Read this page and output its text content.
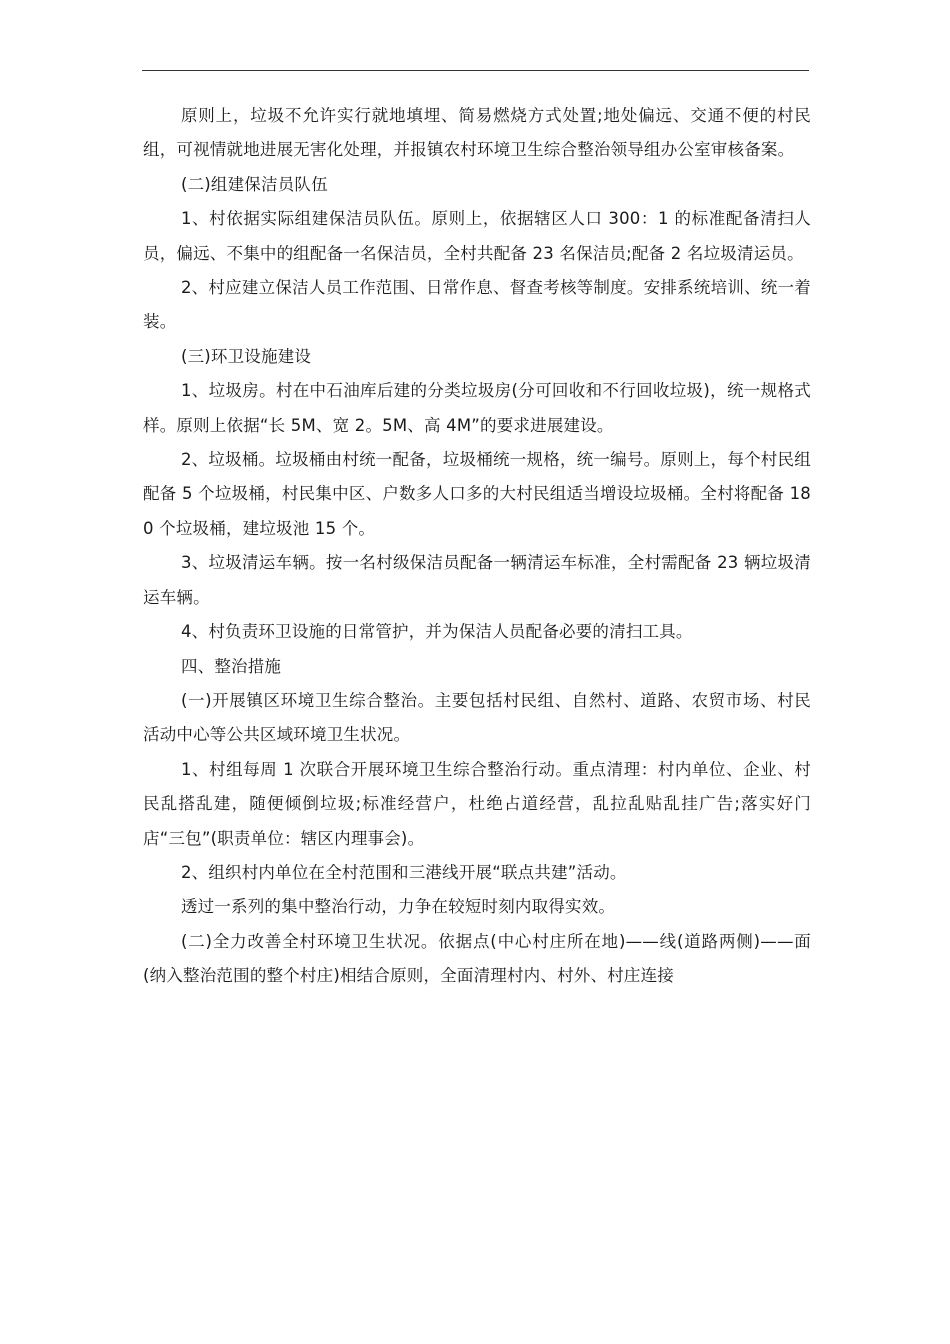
原则上，垃圾不允许实行就地填埋、简易燃烧方式处置;地处偏远、交通不便的村民组，可视情就地进展无害化处理，并报镇农村环境卫生综合整治领导组办公室审核备案。

(二)组建保洁员队伍

1、村依据实际组建保洁员队伍。原则上，依据辖区人口 300：1 的标准配备清扫人员，偏远、不集中的组配备一名保洁员，全村共配备 23 名保洁员;配备 2 名垃圾清运员。

2、村应建立保洁人员工作范围、日常作息、督查考核等制度。安排系统培训、统一着装。

(三)环卫设施建设

1、垃圾房。村在中石油库后建的分类垃圾房(分可回收和不行回收垃圾)，统一规格式样。原则上依据“长 5M、宽 2。5M、高 4M”的要求进展建设。

2、垃圾桶。垃圾桶由村统一配备，垃圾桶统一规格，统一编号。原则上，每个村民组配备 5 个垃圾桶，村民集中区、户数多人口多的大村民组适当增设垃圾桶。全村将配备 180 个垃圾桶，建垃圾池 15 个。

3、垃圾清运车辆。按一名村级保洁员配备一辆清运车标准，全村需配备 23 辆垃圾清运车辆。

4、村负责环卫设施的日常管护，并为保洁人员配备必要的清扫工具。

四、整治措施

(一)开展镇区环境卫生综合整治。主要包括村民组、自然村、道路、农贸市场、村民活动中心等公共区域环境卫生状况。

1、村组每周 1 次联合开展环境卫生综合整治行动。重点清理：村内单位、企业、村民乱搭乱建，随便倾倒垃圾;标准经营户，杜绝占道经营，乱拉乱贴乱挂广告;落实好门店“三包”(职责单位：辖区内理事会)。

2、组织村内单位在全村范围和三港线开展“联点共建”活动。

透过一系列的集中整治行动，力争在较短时刻内取得实效。

(二)全力改善全村环境卫生状况。依据点(中心村庄所在地)——线(道路两侧)——面(纳入整治范围的整个村庄)相结合原则，全面清理村内、村外、村庄连接
